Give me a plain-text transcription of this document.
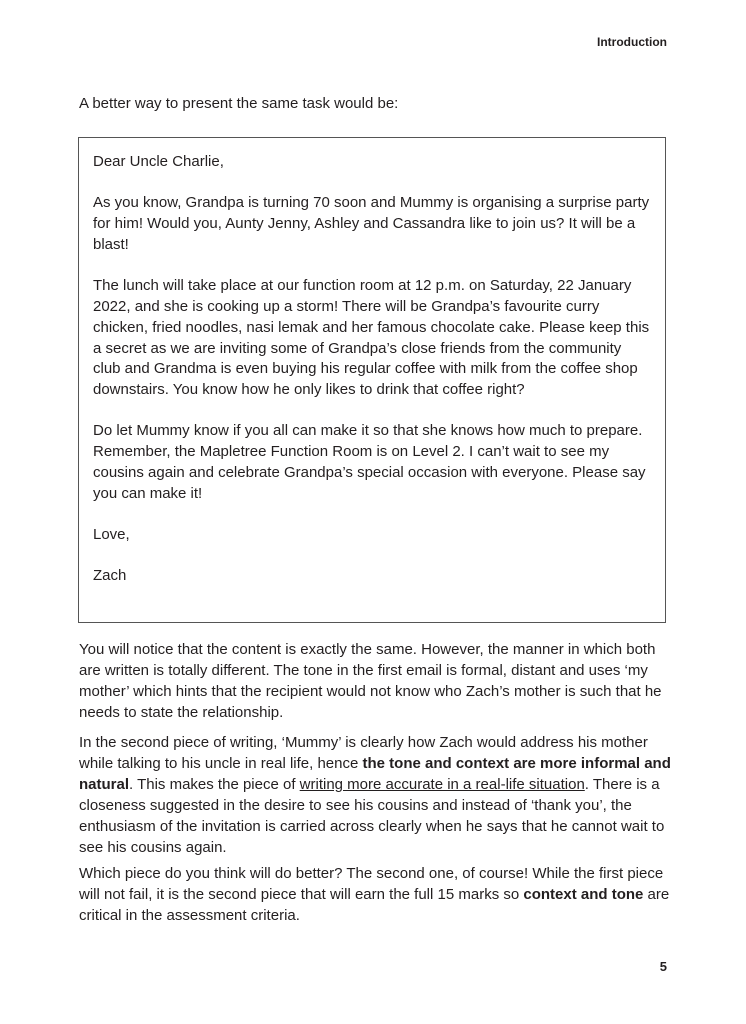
Introduction
A better way to present the same task would be:

Dear Uncle Charlie,

As you know, Grandpa is turning 70 soon and Mummy is organising a surprise party for him! Would you, Aunty Jenny, Ashley and Cassandra like to join us? It will be a blast!

The lunch will take place at our function room at 12 p.m. on Saturday, 22 January 2022, and she is cooking up a storm! There will be Grandpa’s favourite curry chicken, fried noodles, nasi lemak and her famous chocolate cake. Please keep this a secret as we are inviting some of Grandpa’s close friends from the community club and Grandma is even buying his regular coffee with milk from the coffee shop downstairs. You know how he only likes to drink that coffee right?

Do let Mummy know if you all can make it so that she knows how much to prepare. Remember, the Mapletree Function Room is on Level 2. I can’t wait to see my cousins again and celebrate Grandpa’s special occasion with everyone. Please say you can make it!

Love,

Zach

You will notice that the content is exactly the same. However, the manner in which both are written is totally different. The tone in the first email is formal, distant and uses ‘my mother’ which hints that the recipient would not know who Zach’s mother is such that he needs to state the relationship.

In the second piece of writing, ‘Mummy’ is clearly how Zach would address his mother while talking to his uncle in real life, hence the tone and context are more informal and natural. This makes the piece of writing more accurate in a real-life situation. There is a closeness suggested in the desire to see his cousins and instead of ‘thank you’, the enthusiasm of the invitation is carried across clearly when he says that he cannot wait to see his cousins again.

Which piece do you think will do better? The second one, of course! While the first piece will not fail, it is the second piece that will earn the full 15 marks so context and tone are critical in the assessment criteria.

5
